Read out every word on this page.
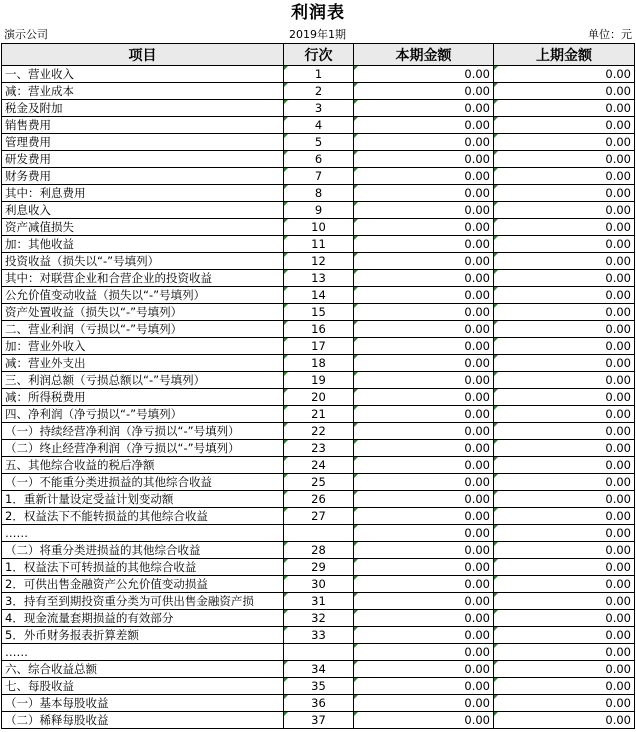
利润表
演示公司	2019年1期	单位：元
项目	行次	本期金额	上期金额
一、营业收入	1	0.00	0.00
减：营业成本	2	0.00	0.00
税金及附加	3	0.00	0.00
销售费用	4	0.00	0.00
管理费用	5	0.00	0.00
研发费用	6	0.00	0.00
财务费用	7	0.00	0.00
其中：利息费用	8	0.00	0.00
利息收入	9	0.00	0.00
资产减值损失	10	0.00	0.00
加：其他收益	11	0.00	0.00
投资收益（损失以“-”号填列）	12	0.00	0.00
其中：对联营企业和合营企业的投资收益	13	0.00	0.00
公允价值变动收益（损失以“-”号填列）	14	0.00	0.00
资产处置收益（损失以“-”号填列）	15	0.00	0.00
二、营业利润（亏损以“-”号填列）	16	0.00	0.00
加：营业外收入	17	0.00	0.00
减：营业外支出	18	0.00	0.00
三、利润总额（亏损总额以“-”号填列）	19	0.00	0.00
减：所得税费用	20	0.00	0.00
四、净利润（净亏损以“-”号填列）	21	0.00	0.00
（一）持续经营净利润（净亏损以“-”号填列）	22	0.00	0.00
（二）终止经营净利润（净亏损以“-”号填列）	23	0.00	0.00
五、其他综合收益的税后净额	24	0.00	0.00
（一）不能重分类进损益的其他综合收益	25	0.00	0.00
1．重新计量设定受益计划变动额	26	0.00	0.00
2．权益法下不能转损益的其他综合收益	27	0.00	0.00
……		0.00	0.00
（二）将重分类进损益的其他综合收益	28	0.00	0.00
1．权益法下可转损益的其他综合收益	29	0.00	0.00
2．可供出售金融资产公允价值变动损益	30	0.00	0.00
3．持有至到期投资重分类为可供出售金融资产损	31	0.00	0.00
4．现金流量套期损益的有效部分	32	0.00	0.00
5．外币财务报表折算差额	33	0.00	0.00
……		0.00	0.00
六、综合收益总额	34	0.00	0.00
七、每股收益	35	0.00	0.00
（一）基本每股收益	36	0.00	0.00
（二）稀释每股收益	37	0.00	0.00
